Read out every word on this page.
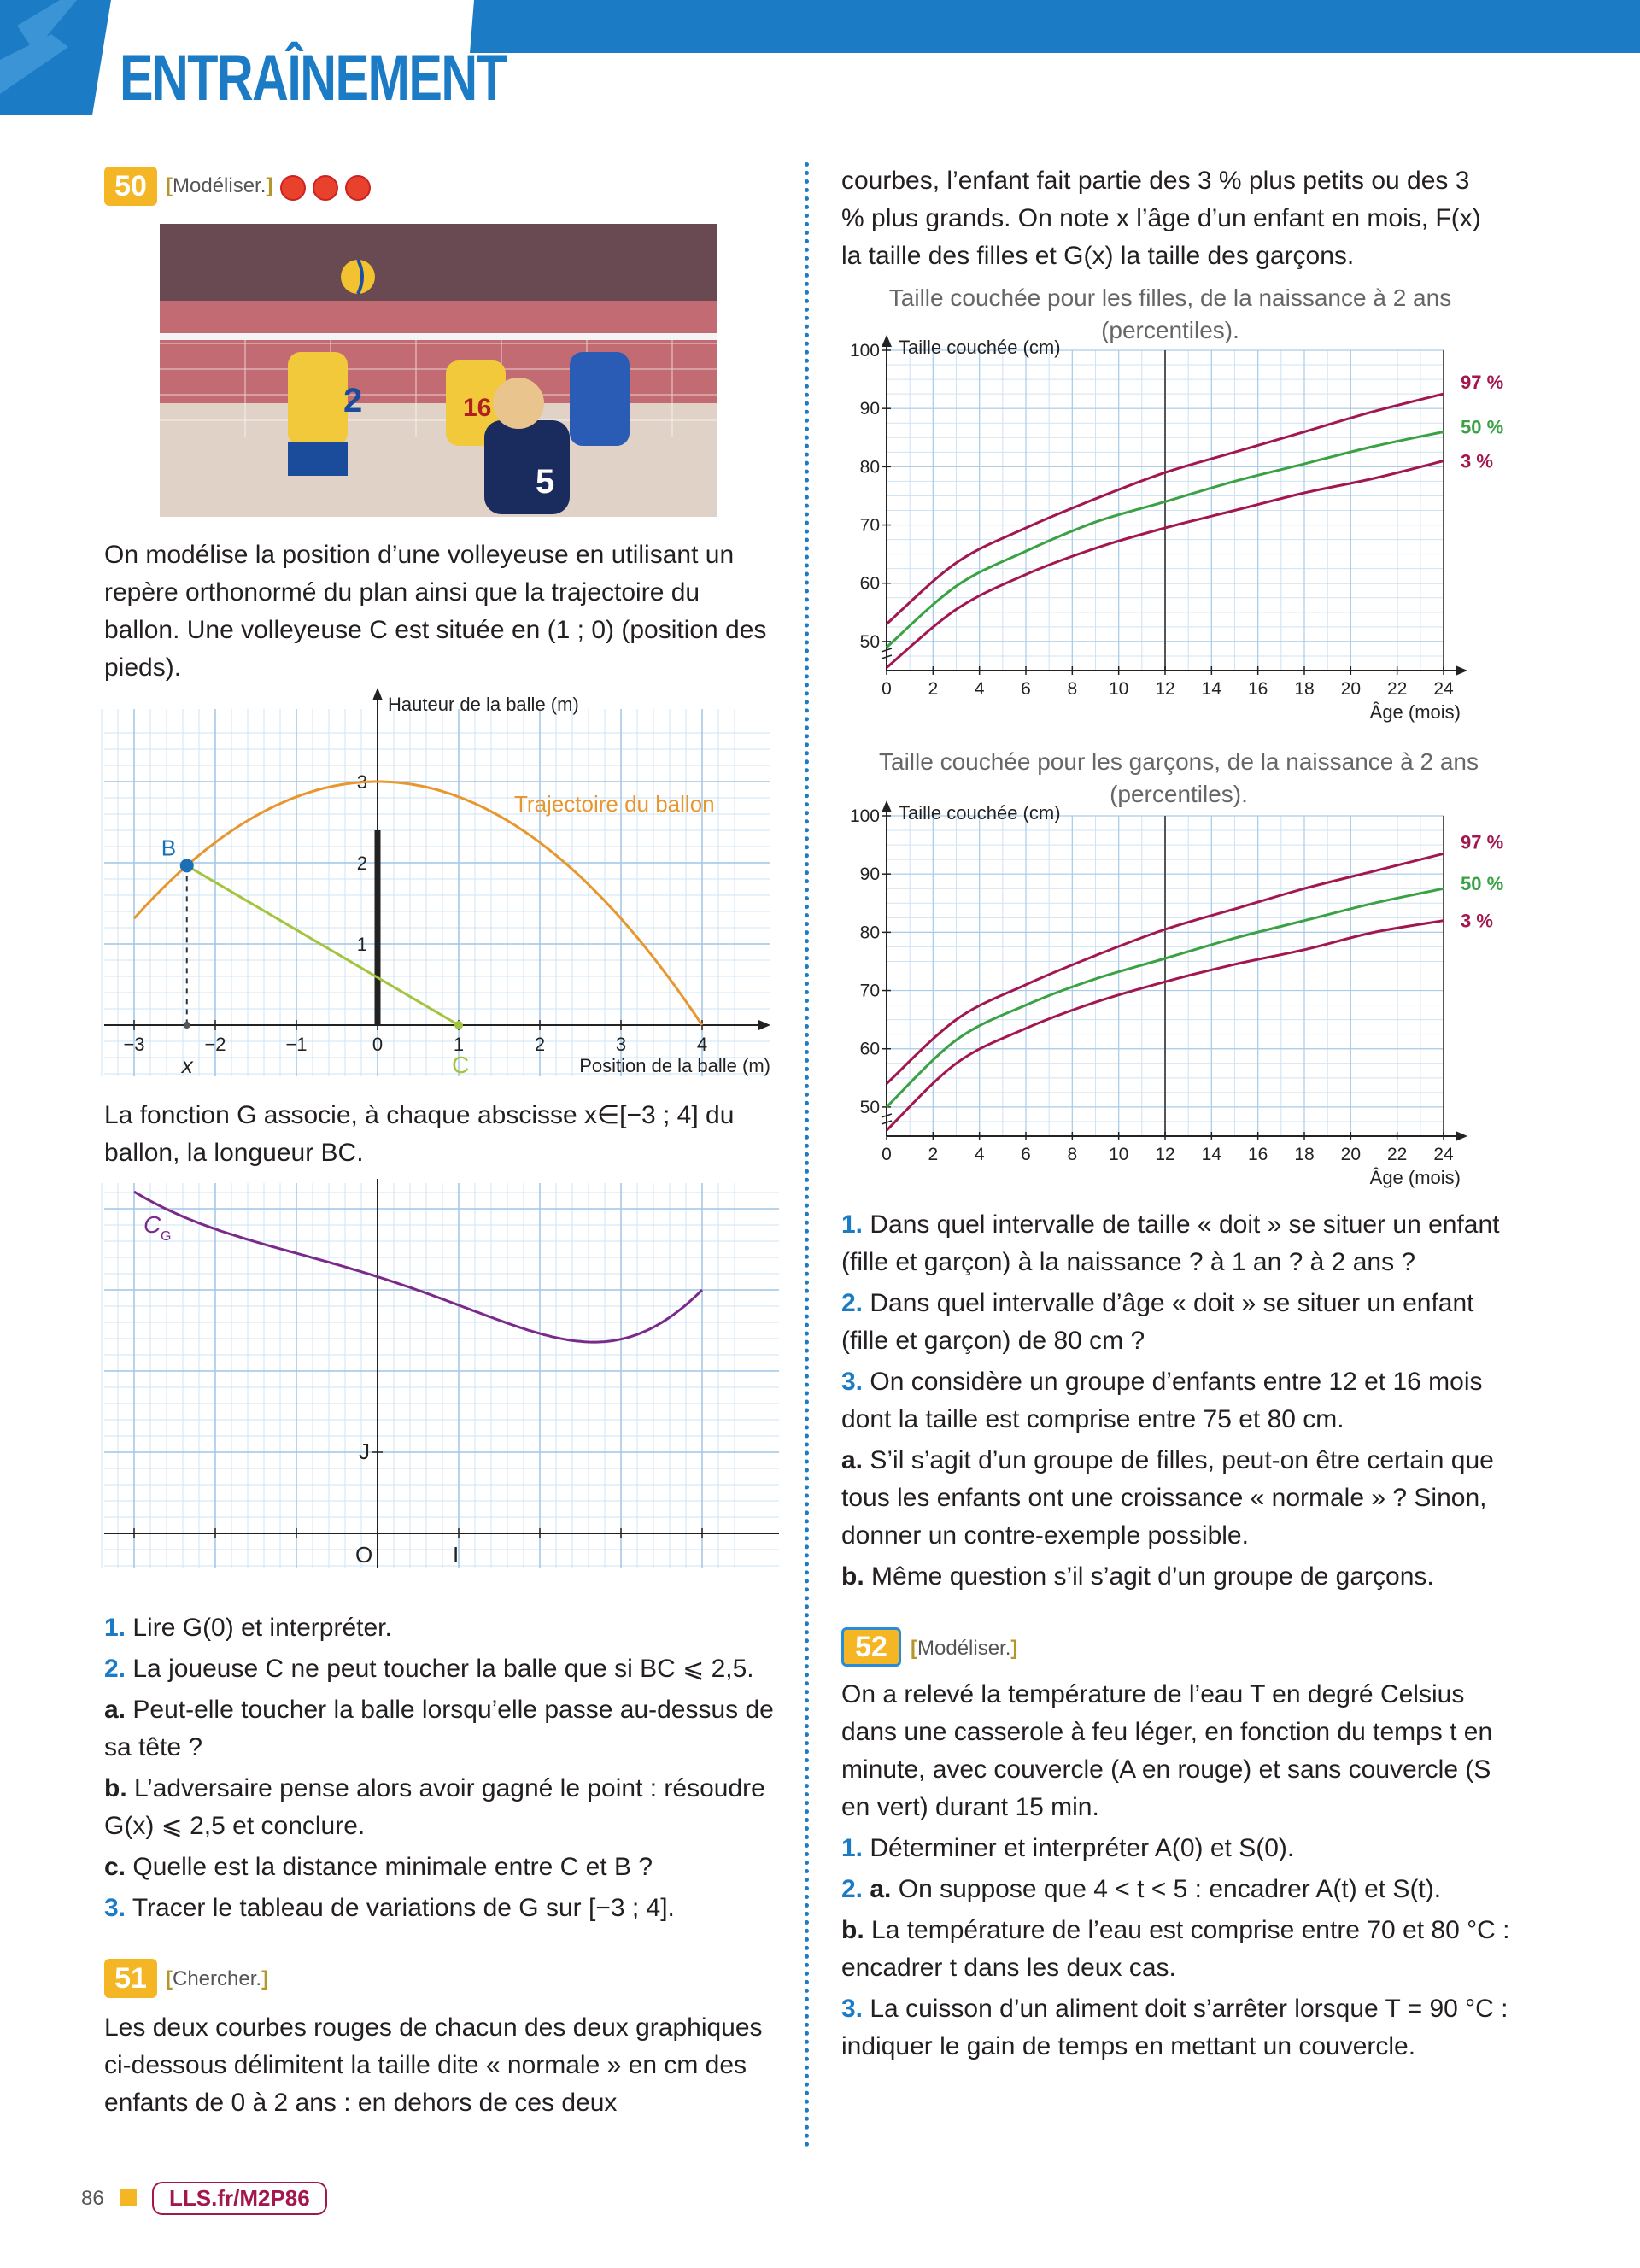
ENTRAÎNEMENT
50 [Modéliser.]
2	16
5
On modélise la position d’une volleyeuse en utilisant un repère orthonormé du plan ainsi que la trajectoire du ballon. Une volleyeuse C est située en (1 ; 0) (position des pieds).
−3	−2	−1	0	1	2	3	4
1
2
3
Hauteur de la balle (m)
Position de la balle (m)
Trajectoire du ballon
B
C
x
La fonction G associe, à chaque abscisse x∈[−3 ; 4] du ballon, la longueur BC.
O	I
J
C G
1. Lire G(0) et interpréter.
2. La joueuse C ne peut toucher la balle que si BC ⩽ 2,5.
a. Peut-elle toucher la balle lorsqu’elle passe au-dessus de sa tête ?
b. L’adversaire pense alors avoir gagné le point : résoudre G(x) ⩽ 2,5 et conclure.
c. Quelle est la distance minimale entre C et B ?
3. Tracer le tableau de variations de G sur [−3 ; 4].
51 [Chercher.]
Les deux courbes rouges de chacun des deux graphiques ci-dessous délimitent la taille dite « normale » en cm des enfants de 0 à 2 ans : en dehors de ces deux
courbes, l’enfant fait partie des 3 % plus petits ou des 3 % plus grands. On note x l’âge d’un enfant en mois, F(x) la taille des filles et G(x) la taille des garçons.
Taille couchée pour les filles, de la naissance à 2 ans (percentiles).
0 2 4 6 8 10 12 14 16 18 20 22 24
50
60
70
80
90
100 Taille couchée (cm)
Âge (mois)
97 %
50 %
3 %
Taille couchée pour les garçons, de la naissance à 2 ans (percentiles).
0 2 4 6 8 10 12 14 16 18 20 22 24
50
60
70
80
90
100 Taille couchée (cm)
Âge (mois)
97 %
50 %
3 %
1. Dans quel intervalle de taille « doit » se situer un enfant (fille et garçon) à la naissance ? à 1 an ? à 2 ans ?
2. Dans quel intervalle d’âge « doit » se situer un enfant (fille et garçon) de 80 cm ?
3. On considère un groupe d’enfants entre 12 et 16 mois dont la taille est comprise entre 75 et 80 cm.
a. S’il s’agit d’un groupe de filles, peut-on être certain que tous les enfants ont une croissance « normale » ? Sinon, donner un contre-exemple possible.
b. Même question s’il s’agit d’un groupe de garçons.
52	[Modéliser.]
On a relevé la température de l’eau T en degré Celsius dans une casserole à feu léger, en fonction du temps t en minute, avec couvercle (A en rouge) et sans couvercle (S en vert) durant 15 min.
1. Déterminer et interpréter A(0) et S(0).
2. a. On suppose que 4 < t < 5 : encadrer A(t) et S(t).
b. La température de l’eau est comprise entre 70 et 80 °C : encadrer t dans les deux cas.
3. La cuisson d’un aliment doit s’arrêter lorsque T = 90 °C : indiquer le gain de temps en mettant un couvercle.
86	LLS.fr/M2P86
